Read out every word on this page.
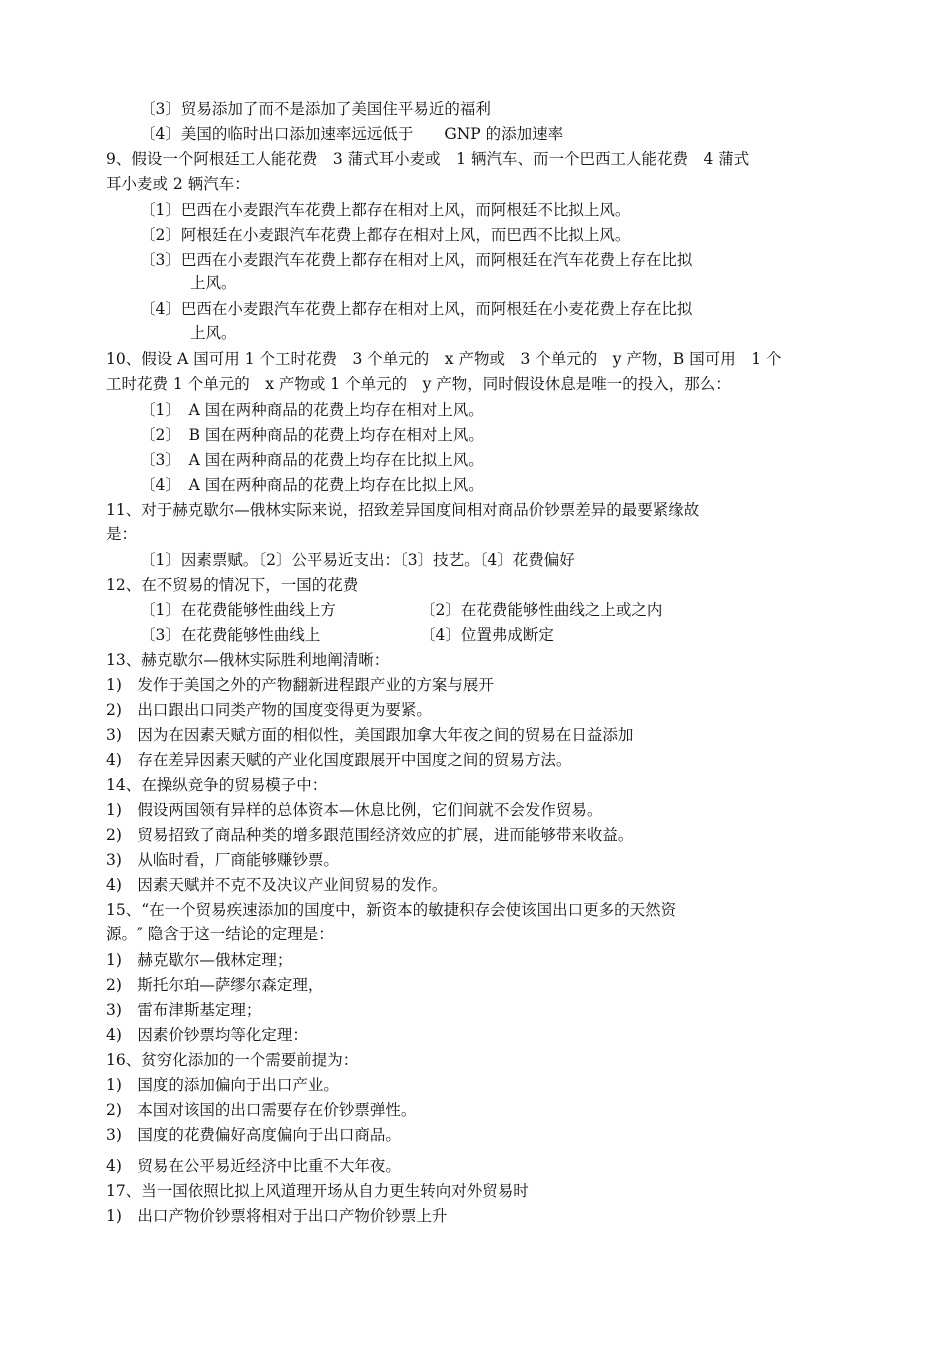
〔3〕贸易添加了而不是添加了美国住平易近的福利
〔4〕美国的临时出口添加速率远远低于　　GNP 的添加速率
9、假设一个阿根廷工人能花费　3 蒲式耳小麦或　1 辆汽车、而一个巴西工人能花费　4 蒲式
耳小麦或 2 辆汽车：
〔1〕巴西在小麦跟汽车花费上都存在相对上风，而阿根廷不比拟上风。
〔2〕阿根廷在小麦跟汽车花费上都存在相对上风，而巴西不比拟上风。
〔3〕巴西在小麦跟汽车花费上都存在相对上风，而阿根廷在汽车花费上存在比拟
上风。
〔4〕巴西在小麦跟汽车花费上都存在相对上风，而阿根廷在小麦花费上存在比拟
上风。
10、假设 A 国可用 1 个工时花费　3 个单元的　x 产物或　3 个单元的　y 产物，B 国可用　1 个
工时花费 1 个单元的　x 产物或 1 个单元的　y 产物，同时假设休息是唯一的投入，那么：
〔1〕　A 国在两种商品的花费上均存在相对上风。
〔2〕　B 国在两种商品的花费上均存在相对上风。
〔3〕　A 国在两种商品的花费上均存在比拟上风。
〔4〕　A 国在两种商品的花费上均存在比拟上风。
11、对于赫克歇尔—俄林实际来说，招致差异国度间相对商品价钞票差异的最要紧缘故
是：
〔1〕因素票赋。〔2〕公平易近支出：〔3〕技艺。〔4〕花费偏好
12、在不贸易的情况下，一国的花费
〔1〕在花费能够性曲线上方	〔2〕在花费能够性曲线之上或之内
〔3〕在花费能够性曲线上	〔4〕位置弗成断定
13、赫克歇尔—俄林实际胜利地阐清晰：
1)　发作于美国之外的产物翻新进程跟产业的方案与展开
2)　出口跟出口同类产物的国度变得更为要紧。
3)　因为在因素天赋方面的相似性，美国跟加拿大年夜之间的贸易在日益添加
4)　存在差异因素天赋的产业化国度跟展开中国度之间的贸易方法。
14、在操纵竞争的贸易模子中：
1)　假设两国领有异样的总体资本—休息比例，它们间就不会发作贸易。
2)　贸易招致了商品种类的增多跟范围经济效应的扩展，进而能够带来收益。
3)　从临时看，厂商能够赚钞票。
4)　因素天赋并不克不及决议产业间贸易的发作。
15、“在一个贸易疾速添加的国度中，新资本的敏捷积存会使该国出口更多的天然资
源。″ 隐含于这一结论的定理是：
1)　赫克歇尔—俄林定理；
2)　斯托尔珀—萨缪尔森定理，
3)　雷布津斯基定理；
4)　因素价钞票均等化定理：
16、贫穷化添加的一个需要前提为：
1)　国度的添加偏向于出口产业。
2)　本国对该国的出口需要存在价钞票弹性。
3)　国度的花费偏好高度偏向于出口商品。
4)　贸易在公平易近经济中比重不大年夜。
17、当一国依照比拟上风道理开场从自力更生转向对外贸易时
1)　出口产物价钞票将相对于出口产物价钞票上升
